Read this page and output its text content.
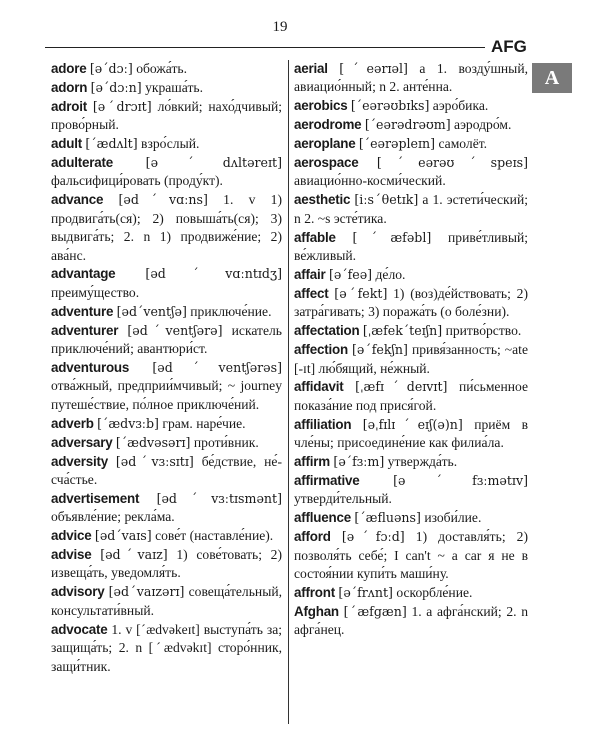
19
AFG
A

adore [əˊdɔː] обожа́ть.

adorn [əˊdɔːn] украша́ть.

adroit [əˊdrɔɪt] ло́вкий; нахо́дчивый; прово́рный.

adult [ˊædʌlt] взро́слый.

adulterate	[əˊdʌltəreɪt] фальсифици́ровать (проду́кт).

advance [ədˊvɑːns] 1. v 1) продвига́ть(ся); 2) повыша́ть(ся); 3) выдвига́ть; 2. n 1) продвиже́ние; 2) ава́нс.

advantage [ədˊvɑːntɪdʒ] преиму́щество.

adventure [ədˊventʃə] приключе́ние.

adventurer [ədˊventʃərə] искатель приключе́ний; авантюри́ст.

adventurous [ədˊventʃərəs] отва́жный, предприи́мчивый; ~ journey путеше́ствие, по́лное приключе́ний.

adverb [ˊædvɜːb] грам. наре́чие.

adversary [ˊædvəsərɪ] проти́вник.

adversity [ədˊvɜːsɪtɪ] бе́дствие, не́-сча́стье.

advertisement [ədˊvɜːtɪsmənt] объявле́ние; рекла́ма.

advice [ədˊvaɪs] сове́т (наставле́ние).

advise [ədˊvaɪz] 1) сове́товать; 2) извеща́ть, уведомля́ть.

advisory [ədˊvaɪzərɪ] совеща́тельный, консультати́вный.

advocate 1. v [ˊædvəkeɪt] выступа́ть за; защища́ть; 2. n [ˊædvəkɪt] сторо́нник, защи́тник.

aerial [ˊeərɪəl] a 1. возду́шный, авиацио́нный; n 2. анте́нна.

aerobics [ˊeərəʊbɪks] аэро́бика.

aerodrome [ˊeərədrəʊm] аэродро́м.

aeroplane [ˊeərəpleɪn] самолёт.

aerospace [ˊeərəʊˊspeɪs] авиацио́нно-косми́ческий.

aesthetic [iːsˊθetɪk] a 1. эстети́ческий; n 2. ~s эсте́тика.

affable [ˊæfəbl] приве́тливый; ве́жливый.

affair [əˊfeə] де́ло.

affect [əˊfekt] 1) (воз)де́йствовать; 2) затра́гивать; 3) поража́ть (о боле́зни).

affectation [ˌæfekˊteɪʃn] притво́рство.

affection [əˊfekʃn] привя́занность; ~ate [-ɪt] лю́бящий, не́жный.

affidavit [ˌæfɪˊdeɪvɪt] пи́сьменное показа́ние под прися́гой.

affiliation [əˌfɪlɪˊeɪʃ(ə)n] приём в чле́ны; присоедине́ние как филиа́ла.

affirm [əˊfɜːm] утвержда́ть.

affirmative	[əˊfɜːmətɪv] утверди́тельный.

affluence [ˊæfluəns] изоби́лие.

afford [əˊfɔːd] 1) доставля́ть; 2) позволя́ть себе́; I can't ~ a car я не в состоя́нии купи́ть маши́ну.

affront [əˊfrʌnt] оскорбле́ние.

Afghan [ˊæfgæn] 1. a афга́нский; 2. n афга́нец.
